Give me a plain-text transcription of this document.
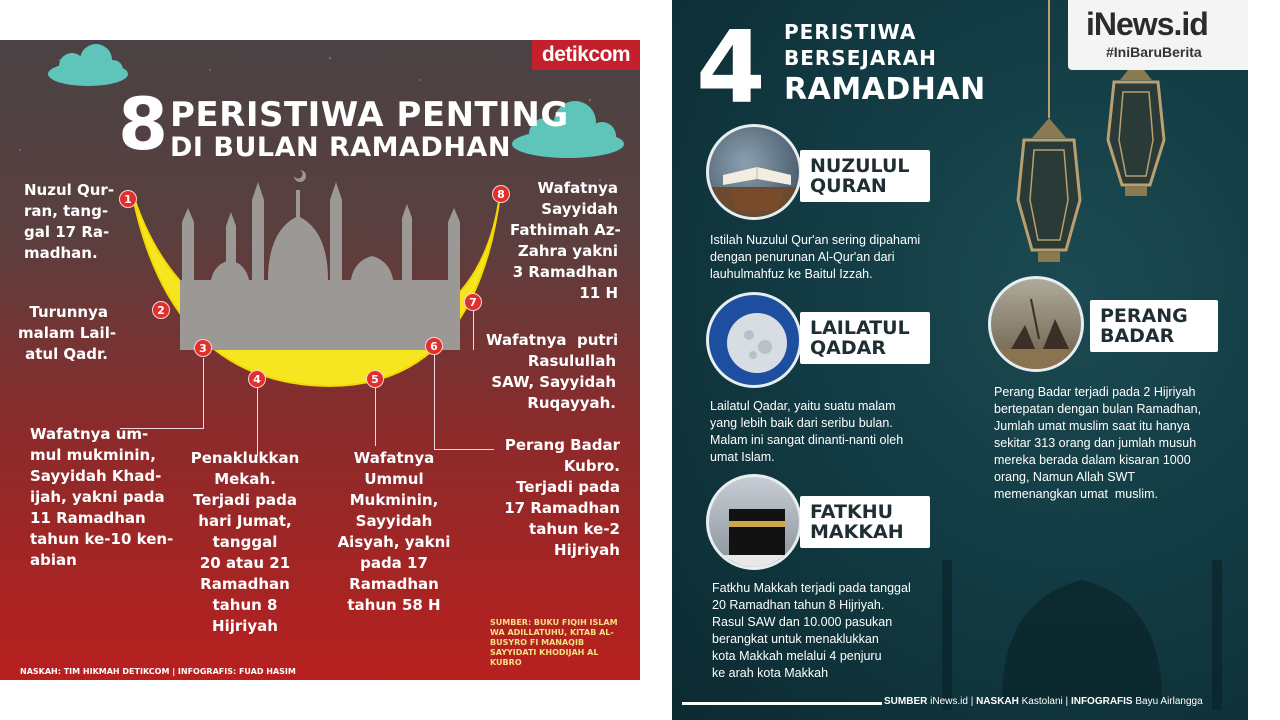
detikcom
8 PERISTIWA PENTING
DI BULAN RAMADHAN
1
2
3
4	5
6
7
8
Nuzul Qur-
ran, tang-
gal 17 Ra-
madhan.
Turunnya
malam Lail-
atul Qadr.
Wafatnya um-
mul mukminin,
Sayyidah Khad-
ijah, yakni pada
11 Ramadhan
tahun ke-10 ken-
abian
Penaklukkan
Mekah.
Terjadi pada
hari Jumat,
tanggal
20 atau 21
Ramadhan
tahun 8
Hijriyah
Wafatnya
Ummul
Mukminin,
Sayyidah
Aisyah, yakni
pada 17
Ramadhan
tahun 58 H
Perang Badar
Kubro.
Terjadi pada
17 Ramadhan
tahun ke-2
Hijriyah
Wafatnya  putri
Rasulullah
SAW, Sayyidah
Ruqayyah.
Wafatnya
Sayyidah
Fathimah Az-
Zahra yakni
3 Ramadhan
11 H
SUMBER: BUKU FIQIH ISLAM WA ADILLATUHU, KITAB AL-BUSYRO FI MANAQIB SAYYIDATI KHODIJAH AL KUBRO
NASKAH: TIM HIKMAH DETIKCOM | INFOGRAFIS: FUAD HASIM
iNews.id
#IniBaruBerita
4 PERISTIWA
BERSEJARAH
RAMADHAN
NUZULUL
QURAN
Istilah Nuzulul Qur'an sering dipahami
dengan penurunan Al-Qur'an dari
lauhulmahfuz ke Baitul Izzah.
LAILATUL
QADAR
Lailatul Qadar, yaitu suatu malam
yang lebih baik dari seribu bulan.
Malam ini sangat dinanti-nanti oleh
umat Islam.
PERANG
BADAR
Perang Badar terjadi pada 2 Hijriyah
bertepatan dengan bulan Ramadhan,
Jumlah umat muslim saat itu hanya
sekitar 313 orang dan jumlah musuh
mereka berada dalam kisaran 1000
orang, Namun Allah SWT
memenangkan umat  muslim.
FATKHU
MAKKAH
Fatkhu Makkah terjadi pada tanggal
20 Ramadhan tahun 8 Hijriyah.
Rasul SAW dan 10.000 pasukan
berangkat untuk menaklukkan
kota Makkah melalui 4 penjuru
ke arah kota Makkah
SUMBER iNews.id | NASKAH Kastolani | INFOGRAFIS Bayu Airlangga
